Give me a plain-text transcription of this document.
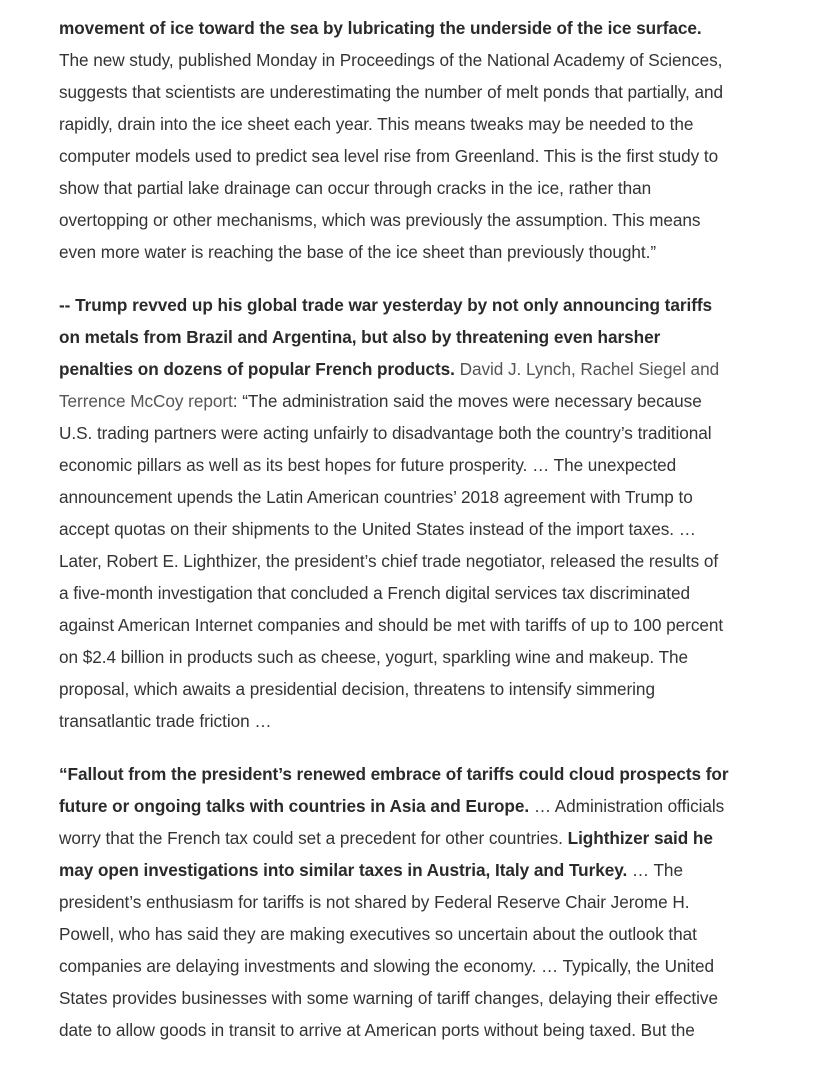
movement of ice toward the sea by lubricating the underside of the ice surface.
The new study, published Monday in Proceedings of the National Academy of Sciences,
suggests that scientists are underestimating the number of melt ponds that partially, and
rapidly, drain into the ice sheet each year. This means tweaks may be needed to the
computer models used to predict sea level rise from Greenland. This is the first study to
show that partial lake drainage can occur through cracks in the ice, rather than
overtopping or other mechanisms, which was previously the assumption. This means
even more water is reaching the base of the ice sheet than previously thought.”
-- Trump revved up his global trade war yesterday by not only announcing tariffs
on metals from Brazil and Argentina, but also by threatening even harsher
penalties on dozens of popular French products. David J. Lynch, Rachel Siegel and
Terrence McCoy report: “The administration said the moves were necessary because
U.S. trading partners were acting unfairly to disadvantage both the country’s traditional
economic pillars as well as its best hopes for future prosperity. … The unexpected
announcement upends the Latin American countries’ 2018 agreement with Trump to
accept quotas on their shipments to the United States instead of the import taxes. …
Later, Robert E. Lighthizer, the president’s chief trade negotiator, released the results of
a five-month investigation that concluded a French digital services tax discriminated
against American Internet companies and should be met with tariffs of up to 100 percent
on $2.4 billion in products such as cheese, yogurt, sparkling wine and makeup. The
proposal, which awaits a presidential decision, threatens to intensify simmering
transatlantic trade friction …
“Fallout from the president’s renewed embrace of tariffs could cloud prospects for
future or ongoing talks with countries in Asia and Europe. … Administration officials
worry that the French tax could set a precedent for other countries. Lighthizer said he
may open investigations into similar taxes in Austria, Italy and Turkey. … The
president’s enthusiasm for tariffs is not shared by Federal Reserve Chair Jerome H.
Powell, who has said they are making executives so uncertain about the outlook that
companies are delaying investments and slowing the economy. … Typically, the United
States provides businesses with some warning of tariff changes, delaying their effective
date to allow goods in transit to arrive at American ports without being taxed. But the
